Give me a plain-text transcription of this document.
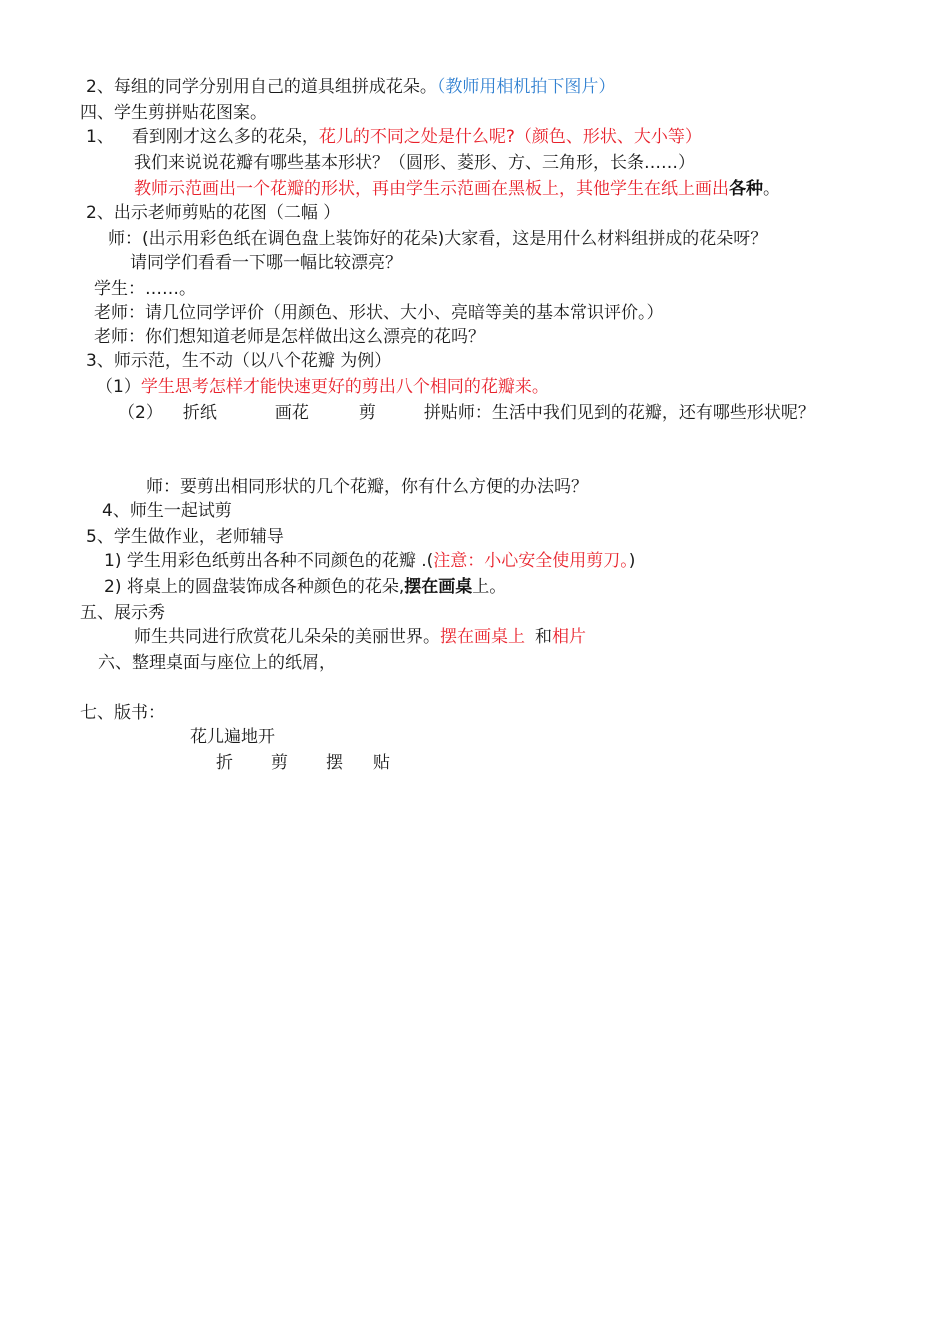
2、每组的同学分别用自己的道具组拼成花朵。（教师用相机拍下图片）
四、学生剪拼贴花图案。
1、 看到刚才这么多的花朵，花儿的不同之处是什么呢?（颜色、形状、大小等）
我们来说说花瓣有哪些基本形状？（圆形、菱形、方、三角形，长条……）
教师示范画出一个花瓣的形状，再由学生示范画在黑板上，其他学生在纸上画出各种。
2、出示老师剪贴的花图（二幅 ）
师：(出示用彩色纸在调色盘上装饰好的花朵)大家看，这是用什么材料组拼成的花朵呀？
请同学们看看一下哪一幅比较漂亮？
学生：……。
老师：请几位同学评价（用颜色、形状、大小、亮暗等美的基本常识评价。）
老师：你们想知道老师是怎样做出这么漂亮的花吗？
3、师示范，生不动（以八个花瓣 为例）
（1）学生思考怎样才能快速更好的剪出八个相同的花瓣来。
（2） 折纸	画花	剪	拼贴师：生活中我们见到的花瓣，还有哪些形状呢？
师：要剪出相同形状的几个花瓣，你有什么方便的办法吗？
4、师生一起试剪
5、学生做作业，老师辅导
1) 学生用彩色纸剪出各种不同颜色的花瓣 .(注意：小心安全使用剪刀。)
2) 将桌上的圆盘装饰成各种颜色的花朵,摆在画桌上。
五、展示秀
师生共同进行欣赏花儿朵朵的美丽世界。摆在画桌上 和相片
六、整理桌面与座位上的纸屑，
七、版书：
花儿遍地开
折 剪 摆 贴
